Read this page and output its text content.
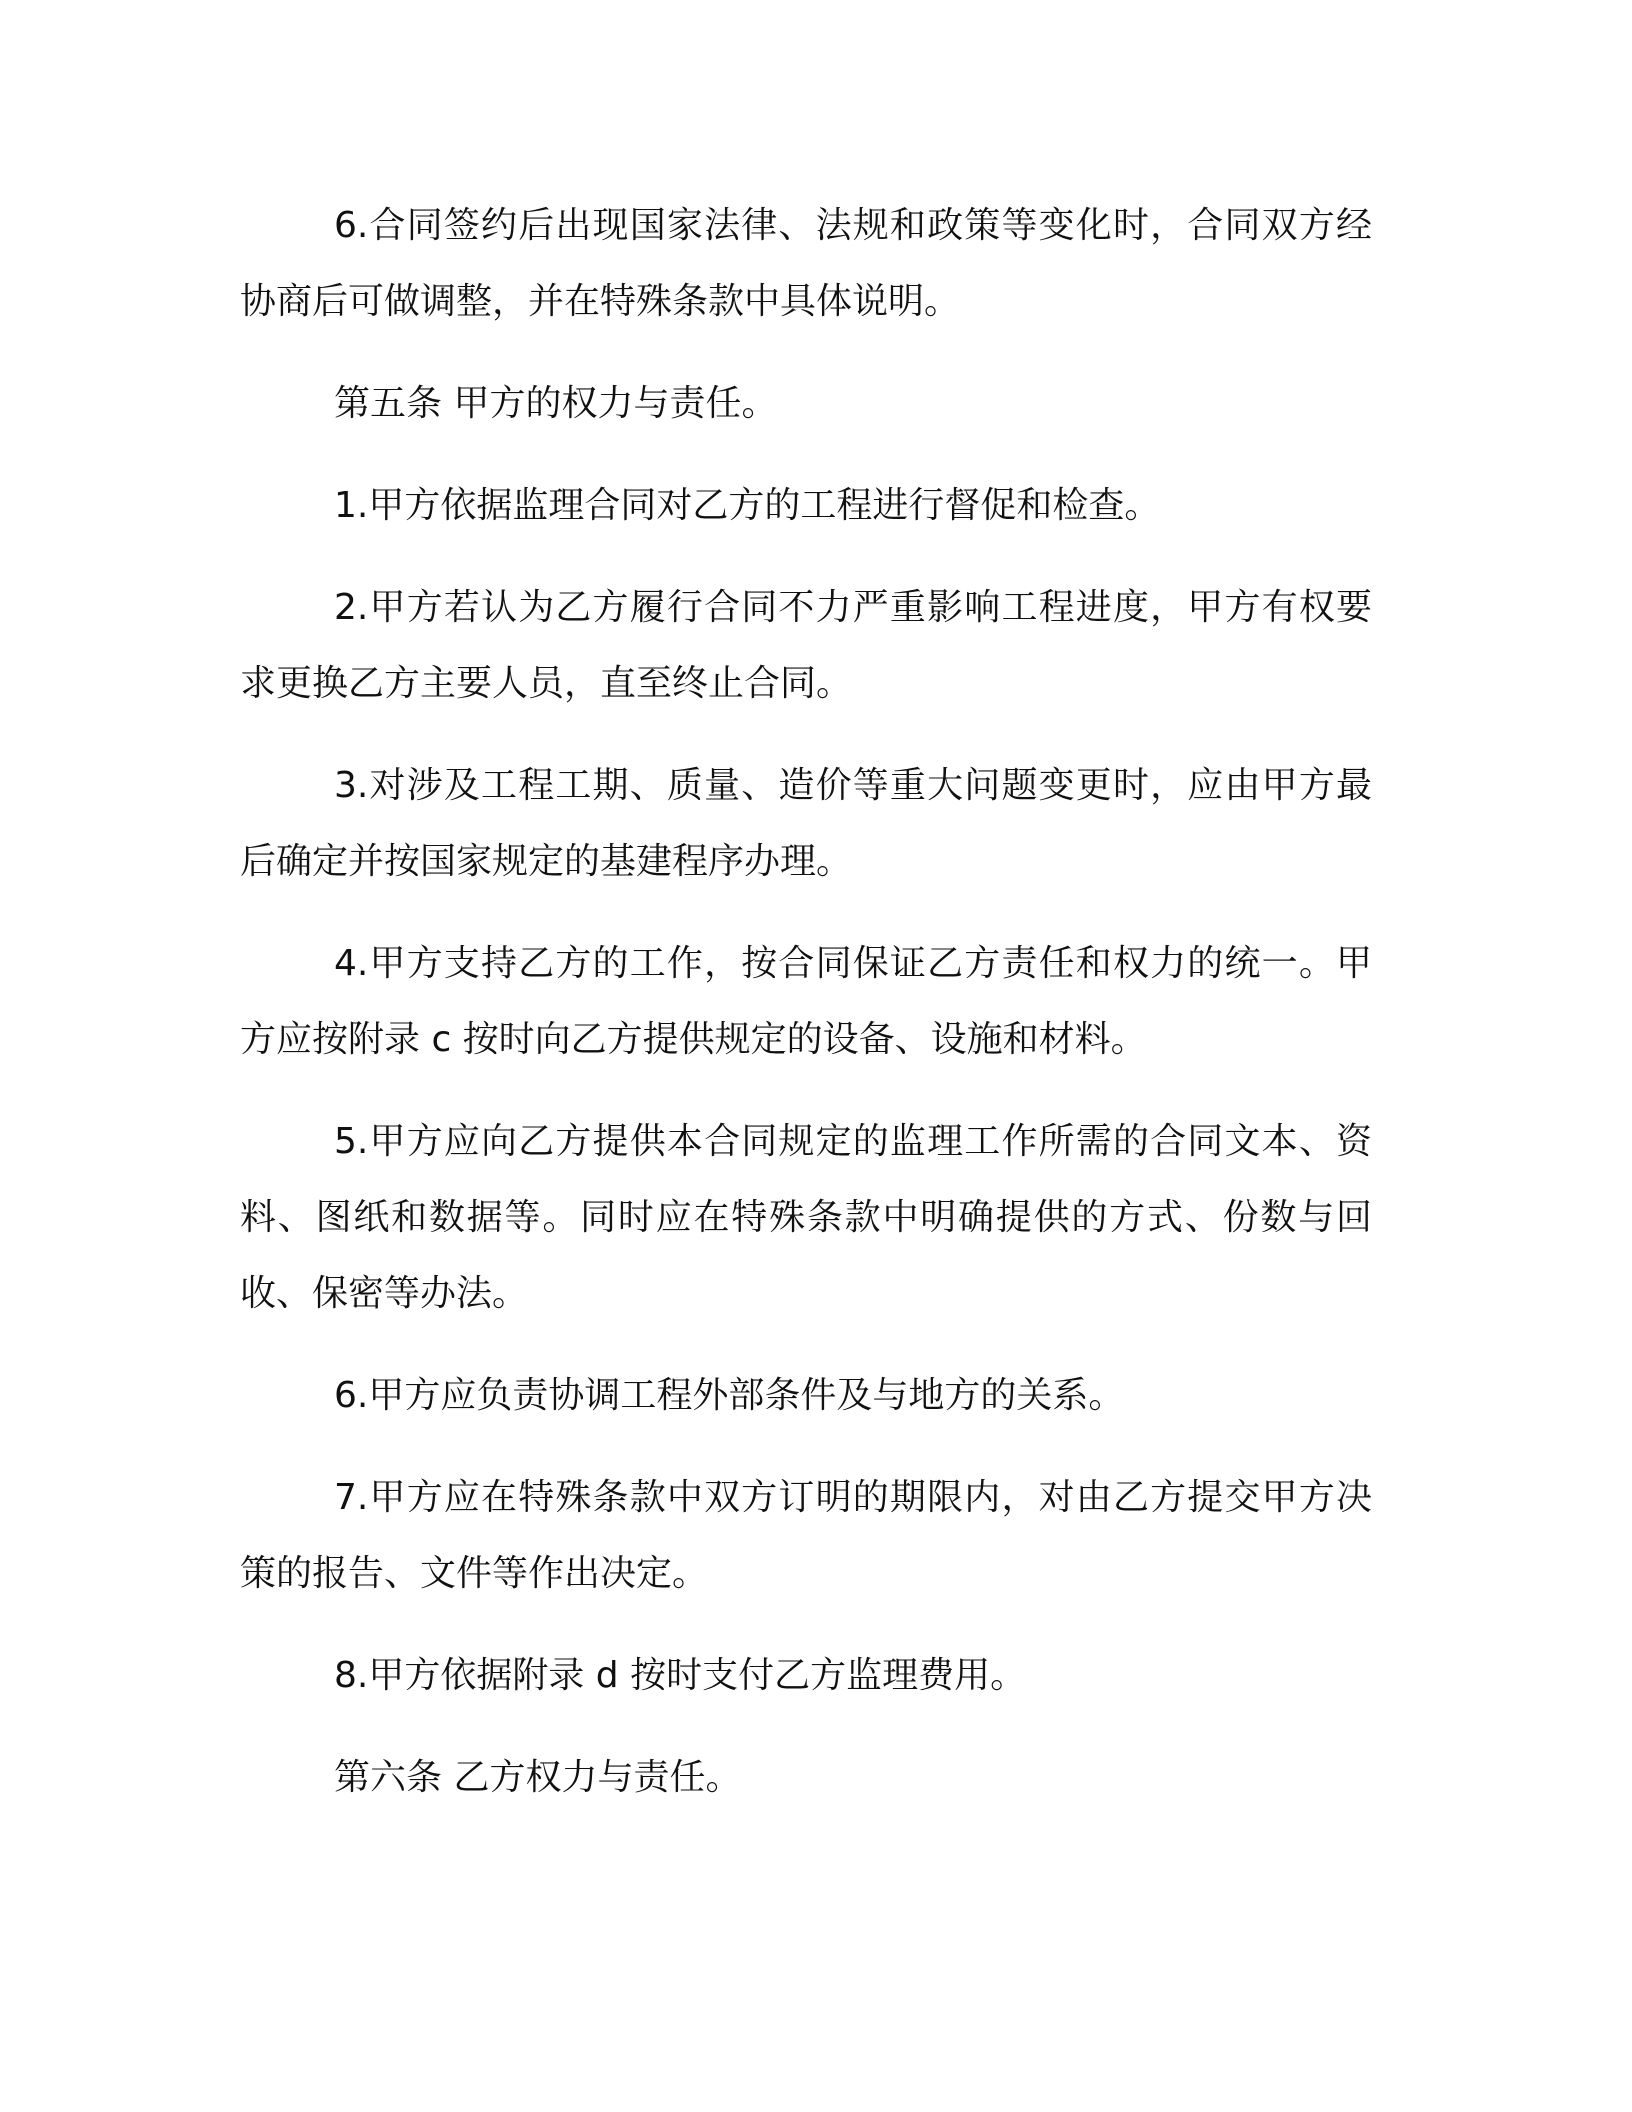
6.合同签约后出现国家法律、法规和政策等变化时，合同双方经协商后可做调整，并在特殊条款中具体说明。

第五条 甲方的权力与责任。

1.甲方依据监理合同对乙方的工程进行督促和检查。

2.甲方若认为乙方履行合同不力严重影响工程进度，甲方有权要求更换乙方主要人员，直至终止合同。

3.对涉及工程工期、质量、造价等重大问题变更时，应由甲方最后确定并按国家规定的基建程序办理。

4.甲方支持乙方的工作，按合同保证乙方责任和权力的统一。甲方应按附录 c 按时向乙方提供规定的设备、设施和材料。

5.甲方应向乙方提供本合同规定的监理工作所需的合同文本、资料、图纸和数据等。同时应在特殊条款中明确提供的方式、份数与回收、保密等办法。

6.甲方应负责协调工程外部条件及与地方的关系。

7.甲方应在特殊条款中双方订明的期限内，对由乙方提交甲方决策的报告、文件等作出决定。

8.甲方依据附录 d 按时支付乙方监理费用。

第六条 乙方权力与责任。
